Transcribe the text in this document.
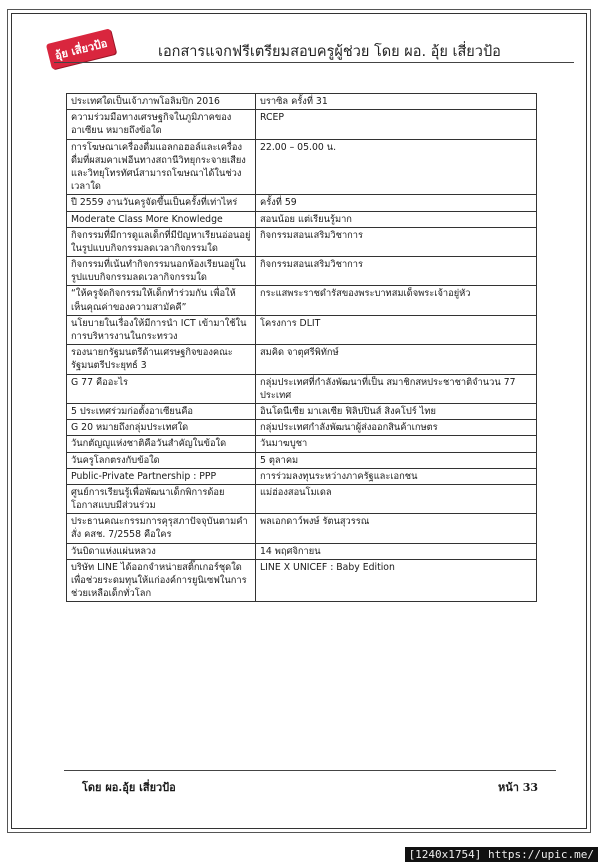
อุ้ย เสี่ยวป้อ	เอกสารแจกฟรีเตรียมสอบครูผู้ช่วย โดย ผอ. อุ้ย เสี่ยวป้อ
ประเทศใดเป็นเจ้าภาพโอลิมปิก 2016	บราซิล ครั้งที่ 31
ความร่วมมือทางเศรษฐกิจในภูมิภาคของอาเซียน หมายถึงข้อใด	RCEP
การโฆษณาเครื่องดื่มแอลกอฮอล์และเครื่องดื่มที่ผสมคาเฟอีนทางสถานีวิทยุกระจายเสียงและวิทยุโทรทัศน์สามารถโฆษณาได้ในช่วงเวลาใด	22.00 – 05.00 น.
ปี 2559 งานวันครูจัดขึ้นเป็นครั้งที่เท่าไหร่	ครั้งที่ 59
Moderate Class More Knowledge	สอนน้อย แต่เรียนรู้มาก
กิจกรรมที่มีการดูแลเด็กที่มีปัญหาเรียนอ่อนอยู่ในรูปแบบกิจกรรมลดเวลากิจกรรมใด	กิจกรรมสอนเสริมวิชาการ
กิจกรรมที่เน้นทำกิจกรรมนอกห้องเรียนอยู่ในรูปแบบกิจกรรมลดเวลากิจกรรมใด	กิจกรรมสอนเสริมวิชาการ
“ให้ครูจัดกิจกรรมให้เด็กทำร่วมกัน เพื่อให้เห็นคุณค่าของความสามัคคี”	กระแสพระราชดำรัสของพระบาทสมเด็จพระเจ้าอยู่หัว
นโยบายในเรื่องให้มีการนำ ICT เข้ามาใช้ในการบริหารงานในกระทรวง	โครงการ DLIT
รองนายกรัฐมนตรีด้านเศรษฐกิจของคณะรัฐมนตรีประยุทธ์ 3	สมคิด จาตุศรีพิทักษ์
G 77 คืออะไร	กลุ่มประเทศที่กำลังพัฒนาที่เป็น สมาชิกสหประชาชาติจำนวน 77 ประเทศ
5 ประเทศร่วมก่อตั้งอาเซียนคือ	อินโดนีเซีย มาเลเซีย ฟิลิปปินส์ สิงคโปร์ ไทย
G 20 หมายถึงกลุ่มประเทศใด	กลุ่มประเทศกำลังพัฒนาผู้ส่งออกสินค้าเกษตร
วันกตัญญูแห่งชาติคือวันสำคัญในข้อใด	วันมาฆบูชา
วันครูโลกตรงกับข้อใด	5 ตุลาคม
Public-Private Partnership : PPP	การร่วมลงทุนระหว่างภาครัฐและเอกชน
ศูนย์การเรียนรู้เพื่อพัฒนาเด็กพิการด้อยโอกาสแบบมีส่วนร่วม	แม่ฮ่องสอนโมเดล
ประธานคณะกรรมการคุรุสภาปัจจุบันตามคำสั่ง คสช. 7/2558 คือใคร	พลเอกดาว์พงษ์ รัตนสุวรรณ
วันบิดาแห่งแผ่นหลวง	14 พฤศจิกายน
บริษัท LINE ได้ออกจำหน่ายสติ๊กเกอร์ชุดใดเพื่อช่วยระดมทุนให้แก่องค์การยูนิเซฟในการช่วยเหลือเด็กทั่วโลก	LINE X UNICEF : Baby Edition
โดย ผอ.อุ้ย เสี่ยวป้อ	หน้า 33
[1240x1754] https://upic.me/
